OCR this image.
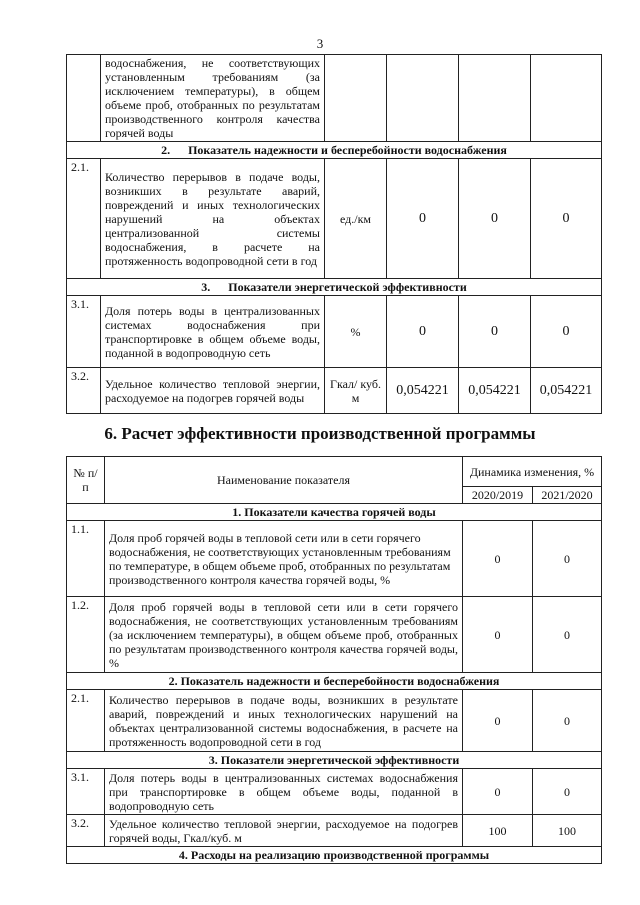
3
	водоснабжения, не соответствующих установленным требованиям (за исключением температуры), в общем объеме проб, отобранных по результатам производственного контроля качества горячей воды				
2.      Показатель надежности и бесперебойности водоснабжения					
2.1.	Количество перерывов в подаче воды, возникших в результате аварий, повреждений и иных технологических нарушений на объектах централизованной системы водоснабжения, в расчете на протяженность водопроводной сети в год	ед./км	0	0	0
3.      Показатели энергетической эффективности					
3.1.	Доля потерь воды в централизованных системах водоснабжения при транспортировке в общем объеме воды, поданной в водопроводную сеть	%	0	0	0
3.2.	Удельное количество тепловой энергии, расходуемое на подогрев горячей воды	Гкал/ куб. м	0,054221	0,054221	0,054221
6. Расчет эффективности производственной программы
№ п/п	Наименование показателя	Динамика изменения, %	
		2020/2019	2021/2020
1. Показатели качества горячей воды			
1.1.	Доля проб горячей воды в тепловой сети или в сети горячего водоснабжения, не соответствующих установленным требованиям по температуре, в общем объеме проб, отобранных по результатам производственного контроля качества горячей воды, %	0	0
1.2.	Доля проб горячей воды в тепловой сети или в сети горячего водоснабжения, не соответствующих установленным требованиям (за исключением температуры), в общем объеме проб, отобранных по результатам производственного контроля качества горячей воды, %	0	0
2. Показатель надежности и бесперебойности водоснабжения			
2.1.	Количество перерывов в подаче воды, возникших в результате аварий, повреждений и иных технологических нарушений на объектах централизованной системы водоснабжения, в расчете на протяженность водопроводной сети в год	0	0
3. Показатели энергетической эффективности			
3.1.	Доля потерь воды в централизованных системах водоснабжения при транспортировке в общем объеме воды, поданной в водопроводную сеть	0	0
3.2.	Удельное количество тепловой энергии, расходуемое на подогрев горячей воды, Гкал/куб. м	100	100
4. Расходы на реализацию производственной программы			
